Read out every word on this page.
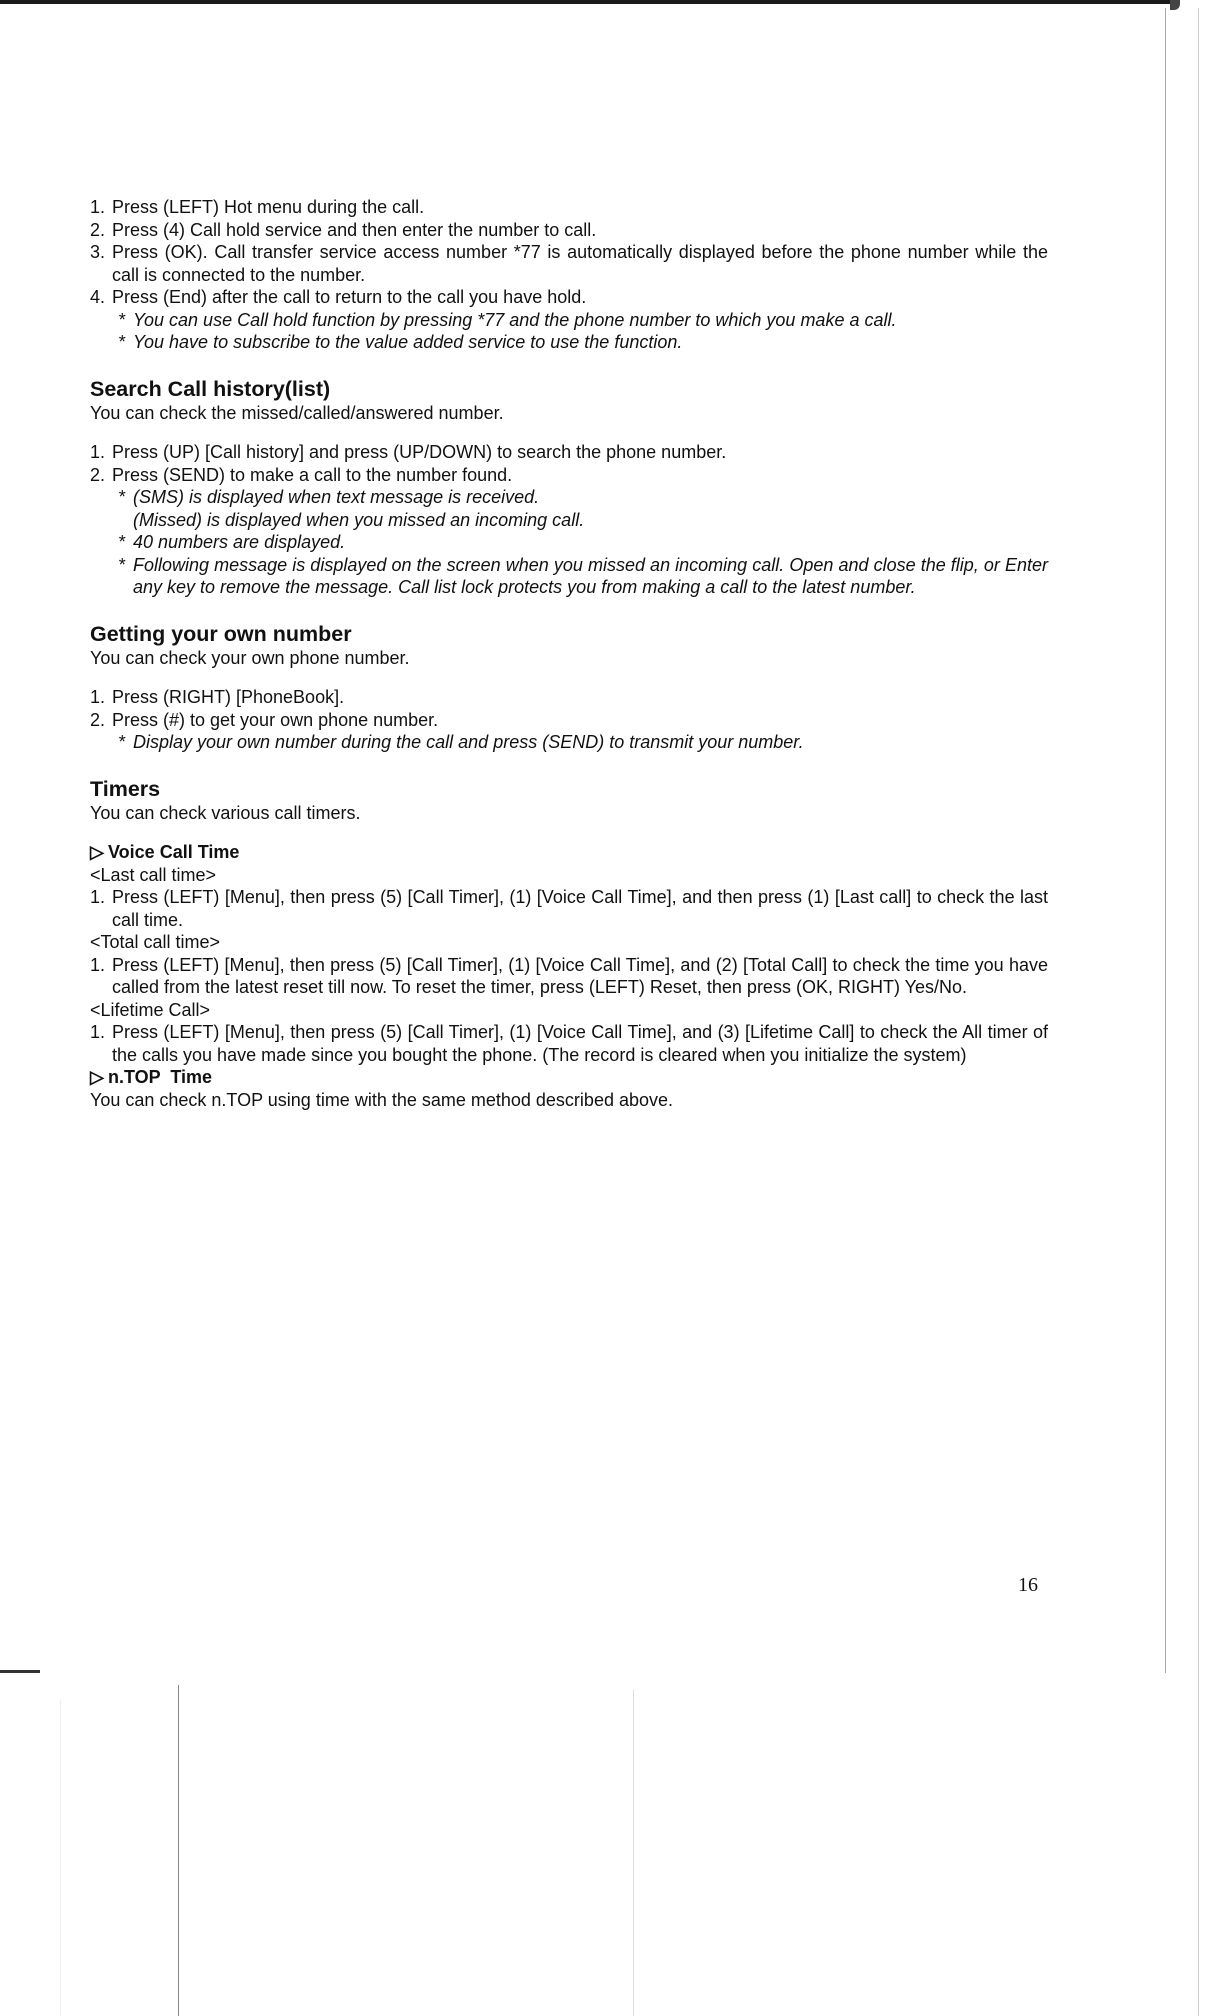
1. Press (LEFT) Hot menu during the call.
2. Press (4) Call hold service and then enter the number to call.
3. Press (OK). Call transfer service access number *77 is automatically displayed before the phone number while the call is connected to the number.
4. Press (End) after the call to return to the call you have hold.
* You can use Call hold function by pressing *77 and the phone number to which you make a call.
* You have to subscribe to the value added service to use the function.
Search Call history(list)
You can check the missed/called/answered number.
1. Press (UP) [Call history] and press (UP/DOWN) to search the phone number.
2. Press (SEND) to make a call to the number found.
* (SMS) is displayed when text message is received.
(Missed) is displayed when you missed an incoming call.
* 40 numbers are displayed.
* Following message is displayed on the screen when you missed an incoming call. Open and close the flip, or Enter any key to remove the message. Call list lock protects you from making a call to the latest number.
Getting your own number
You can check your own phone number.
1. Press (RIGHT) [PhoneBook].
2. Press (#) to get your own phone number.
* Display your own number during the call and press (SEND) to transmit your number.
Timers
You can check various call timers.
▷ Voice Call Time
<Last call time>
1. Press (LEFT) [Menu], then press (5) [Call Timer], (1) [Voice Call Time], and then press (1) [Last call] to check the last call time.
<Total call time>
1. Press (LEFT) [Menu], then press (5) [Call Timer], (1) [Voice Call Time], and (2) [Total Call] to check the time you have called from the latest reset till now. To reset the timer, press (LEFT) Reset, then press (OK, RIGHT) Yes/No.
<Lifetime Call>
1. Press (LEFT) [Menu], then press (5) [Call Timer], (1) [Voice Call Time], and (3) [Lifetime Call] to check the All timer of the calls you have made since you bought the phone. (The record is cleared when you initialize the system)
▷ n.TOP  Time
You can check n.TOP using time with the same method described above.
16
